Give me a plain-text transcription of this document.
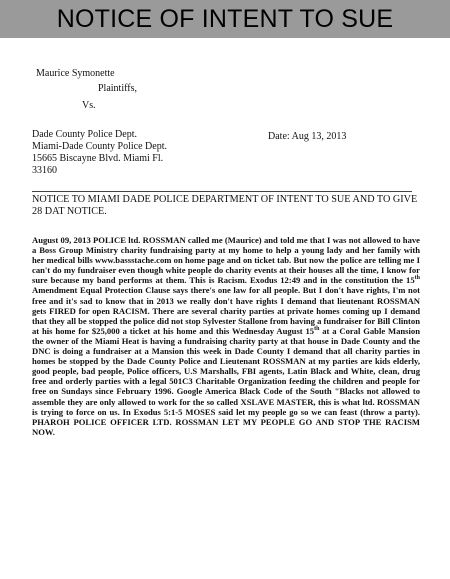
NOTICE OF INTENT TO SUE
Maurice Symonette
Plaintiffs,
Vs.
Dade County Police Dept.
Miami-Dade County Police Dept.
15665 Biscayne Blvd. Miami Fl.
33160
Date: Aug 13, 2013
NOTICE TO MIAMI DADE POLICE DEPARTMENT OF INTENT TO SUE AND TO GIVE 28 DAT NOTICE.
August 09, 2013 POLICE ltd. ROSSMAN called me (Maurice) and told me that I was not allowed to have a Boss Group Ministry charity fundraising party at my home to help a young lady and her family with her medical bills www.bassstache.com on home page and on ticket tab. But now the police are telling me I can't do my fundraiser even though white people do charity events at their houses all the time, I know for sure because my band performs at them. This is Racism. Exodus 12:49 and in the constitution the 15th Amendment Equal Protection Clause says there's one law for all people. But I don't have rights, I'm not free and it's sad to know that in 2013 we really don't have rights I demand that lieutenant ROSSMAN gets FIRED for open RACISM. There are several charity parties at private homes coming up I demand that they all be stopped the police did not stop Sylvester Stallone from having a fundraiser for Bill Clinton at his home for $25,000 a ticket at his home and this Wednesday August 15th at a Coral Gable Mansion the owner of the Miami Heat is having a fundraising charity party at that house in Dade County and the DNC is doing a fundraiser at a Mansion this week in Dade County I demand that all charity parties in homes be stopped by the Dade County Police and Lieutenant ROSSMAN at my parties are kids elderly, good people, bad people, Police officers, U.S Marshalls, FBI agents, Latin Black and White, clean, drug free and orderly parties with a legal 501C3 Charitable Organization feeding the children and people for free on Sundays since February 1996. Google America Black Code of the South "Blacks not allowed to assemble they are only allowed to work for the so called XSLAVE MASTER, this is what ltd. ROSSMAN is trying to force on us. In Exodus 5:1-5 MOSES said let my people go so we can feast (throw a party). PHAROH POLICE OFFICER LTD. ROSSMAN LET MY PEOPLE GO AND STOP THE RACISM NOW.
